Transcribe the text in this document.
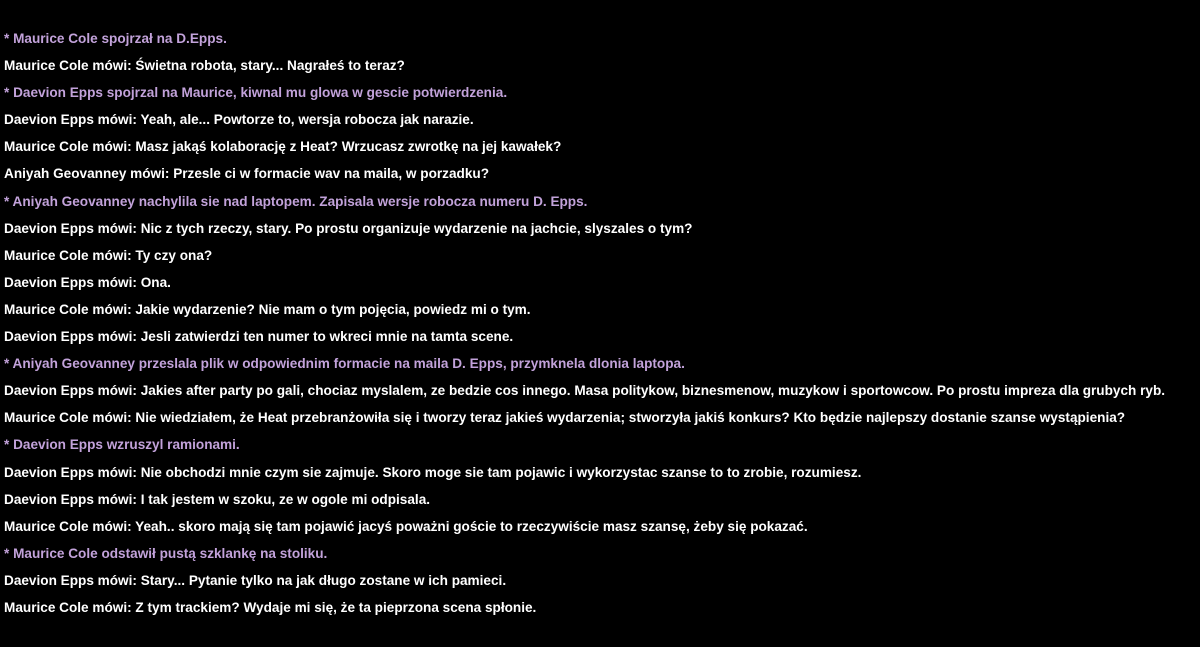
* Maurice Cole spojrzał na D.Epps.
Maurice Cole mówi: Świetna robota, stary... Nagrałeś to teraz?
* Daevion Epps spojrzal na Maurice, kiwnal mu glowa w gescie potwierdzenia.
Daevion Epps mówi: Yeah, ale... Powtorze to, wersja robocza jak narazie.
Maurice Cole mówi: Masz jakąś kolaborację z Heat? Wrzucasz zwrotkę na jej kawałek?
Aniyah Geovanney mówi: Przesle ci w formacie wav na maila, w porzadku?
* Aniyah Geovanney nachylila sie nad laptopem. Zapisala wersje robocza numeru D. Epps.
Daevion Epps mówi: Nic z tych rzeczy, stary. Po prostu organizuje wydarzenie na jachcie, slyszales o tym?
Maurice Cole mówi: Ty czy ona?
Daevion Epps mówi: Ona.
Maurice Cole mówi: Jakie wydarzenie? Nie mam o tym pojęcia, powiedz mi o tym.
Daevion Epps mówi: Jesli zatwierdzi ten numer to wkreci mnie na tamta scene.
* Aniyah Geovanney przeslala plik w odpowiednim formacie na maila D. Epps, przymknela dlonia laptopa.
Daevion Epps mówi: Jakies after party po gali, chociaz myslalem, ze bedzie cos innego. Masa politykow, biznesmenow, muzykow i sportowcow. Po prostu impreza dla grubych ryb.
Maurice Cole mówi: Nie wiedziałem, że Heat przebranżowiła się i tworzy teraz jakieś wydarzenia; stworzyła jakiś konkurs? Kto będzie najlepszy dostanie szanse wystąpienia?
* Daevion Epps wzruszyl ramionami.
Daevion Epps mówi: Nie obchodzi mnie czym sie zajmuje. Skoro moge sie tam pojawic i wykorzystac szanse to to zrobie, rozumiesz.
Daevion Epps mówi: I tak jestem w szoku, ze w ogole mi odpisala.
Maurice Cole mówi: Yeah.. skoro mają się tam pojawić jacyś poważni goście to rzeczywiście masz szansę, żeby się pokazać.
* Maurice Cole odstawił pustą szklankę na stoliku.
Daevion Epps mówi: Stary... Pytanie tylko na jak długo zostane w ich pamieci.
Maurice Cole mówi: Z tym trackiem? Wydaje mi się, że ta pieprzona scena spłonie.
